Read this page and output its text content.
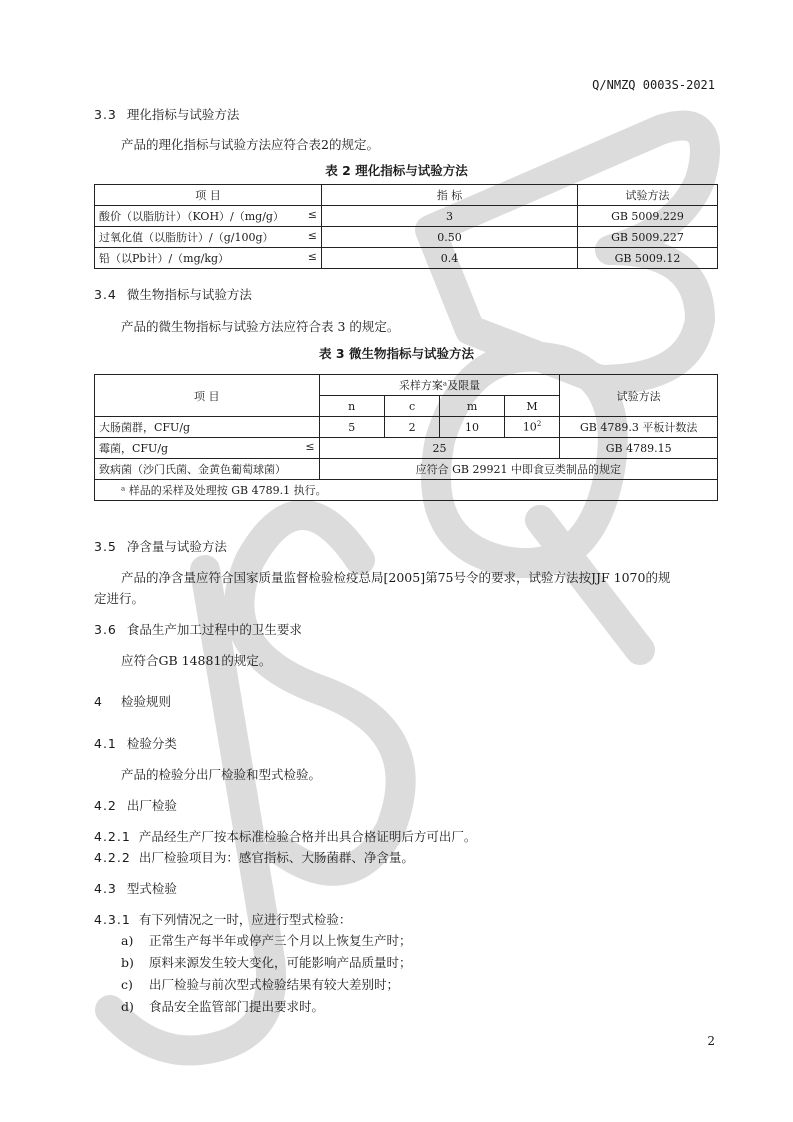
Q/NMZQ 0003S-2021
3.3 理化指标与试验方法
产品的理化指标与试验方法应符合表2的规定。
表 2 理化指标与试验方法
项 目	指 标	试验方法
酸价（以脂肪计）（KOH）/（mg/g） ≤	3	GB 5009.229
过氧化值（以脂肪计）/（g/100g） ≤	0.50	GB 5009.227
铅（以Pb计）/（mg/kg） ≤	0.4	GB 5009.12
3.4 微生物指标与试验方法
产品的微生物指标与试验方法应符合表 3 的规定。
表 3 微生物指标与试验方法
项 目	采样方案ᵃ及限量				试验方法
	n	c	m	M	
大肠菌群，CFU/g	5	2	10	$10^2$	GB 4789.3 平板计数法
霉菌，CFU/g ≤	25				GB 4789.15
致病菌（沙门氏菌、金黄色葡萄球菌）	应符合 GB 29921 中即食豆类制品的规定				
ᵃ 样品的采样及处理按 GB 4789.1 执行。					
3.5 净含量与试验方法
产品的净含量应符合国家质量监督检验检疫总局[2005]第75号令的要求，试验方法按JJF 1070的规
定进行。
3.6 食品生产加工过程中的卫生要求
应符合GB 14881的规定。
4 检验规则
4.1 检验分类
产品的检验分出厂检验和型式检验。
4.2 出厂检验
4.2.1 产品经生产厂按本标准检验合格并出具合格证明后方可出厂。
4.2.2 出厂检验项目为：感官指标、大肠菌群、净含量。
4.3 型式检验
4.3.1 有下列情况之一时，应进行型式检验：
a) 正常生产每半年或停产三个月以上恢复生产时；
b) 原料来源发生较大变化，可能影响产品质量时；
c) 出厂检验与前次型式检验结果有较大差别时；
d) 食品安全监管部门提出要求时。
2
